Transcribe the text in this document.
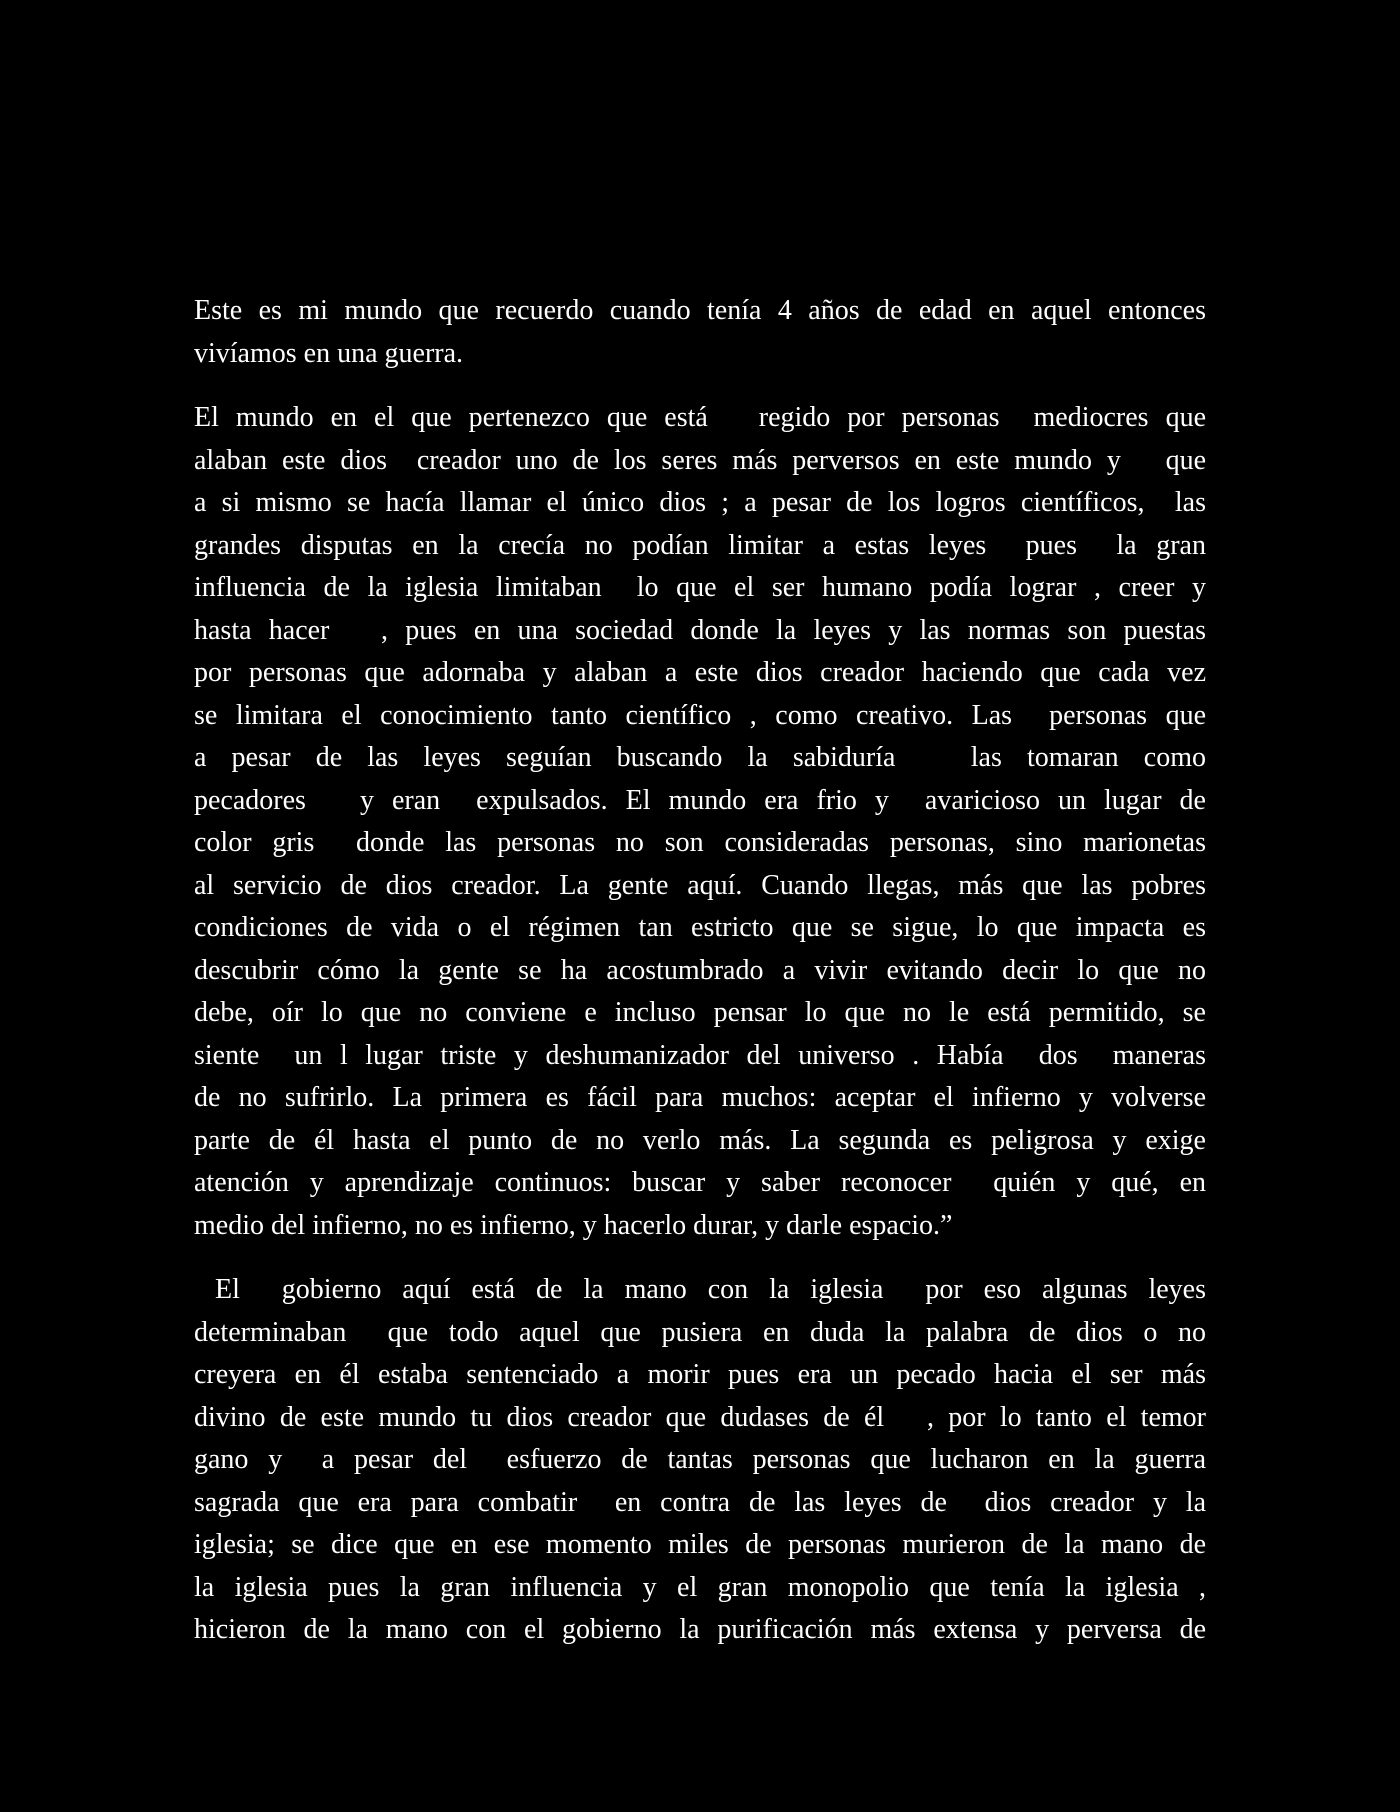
Este es mi mundo que recuerdo cuando tenía 4 años de edad en aquel entonces
vivíamos en una guerra.

El mundo en el que pertenezco que está   regido por personas  mediocres que
alaban este dios  creador uno de los seres más perversos en este mundo y   que
a si mismo se hacía llamar el único dios ; a pesar de los logros científicos,  las
grandes disputas en la crecía no podían limitar a estas leyes  pues  la gran
influencia de la iglesia limitaban  lo que el ser humano podía lograr , creer y
hasta hacer   , pues en una sociedad donde la leyes y las normas son puestas
por personas que adornaba y alaban a este dios creador haciendo que cada vez
se limitara el conocimiento tanto científico , como creativo. Las  personas que
a pesar de las leyes seguían buscando la sabiduría   las tomaran como
pecadores   y eran  expulsados. El mundo era frio y  avaricioso un lugar de
color gris  donde las personas no son consideradas personas, sino marionetas
al servicio de dios creador. La gente aquí. Cuando llegas, más que las pobres
condiciones de vida o el régimen tan estricto que se sigue, lo que impacta es
descubrir cómo la gente se ha acostumbrado a vivir evitando decir lo que no
debe, oír lo que no conviene e incluso pensar lo que no le está permitido, se
siente  un l lugar triste y deshumanizador del universo . Había  dos  maneras
de no sufrirlo. La primera es fácil para muchos: aceptar el infierno y volverse
parte de él hasta el punto de no verlo más. La segunda es peligrosa y exige
atención y aprendizaje continuos: buscar y saber reconocer  quién y qué, en
medio del infierno, no es infierno, y hacerlo durar, y darle espacio.”

El  gobierno aquí está de la mano con la iglesia  por eso algunas leyes
determinaban  que todo aquel que pusiera en duda la palabra de dios o no
creyera en él estaba sentenciado a morir pues era un pecado hacia el ser más
divino de este mundo tu dios creador que dudases de él   , por lo tanto el temor
gano y  a pesar del  esfuerzo de tantas personas que lucharon en la guerra
sagrada que era para combatir  en contra de las leyes de  dios creador y la
iglesia; se dice que en ese momento miles de personas murieron de la mano de
la iglesia pues la gran influencia y el gran monopolio que tenía la iglesia ,
hicieron de la mano con el gobierno la purificación más extensa y perversa de
